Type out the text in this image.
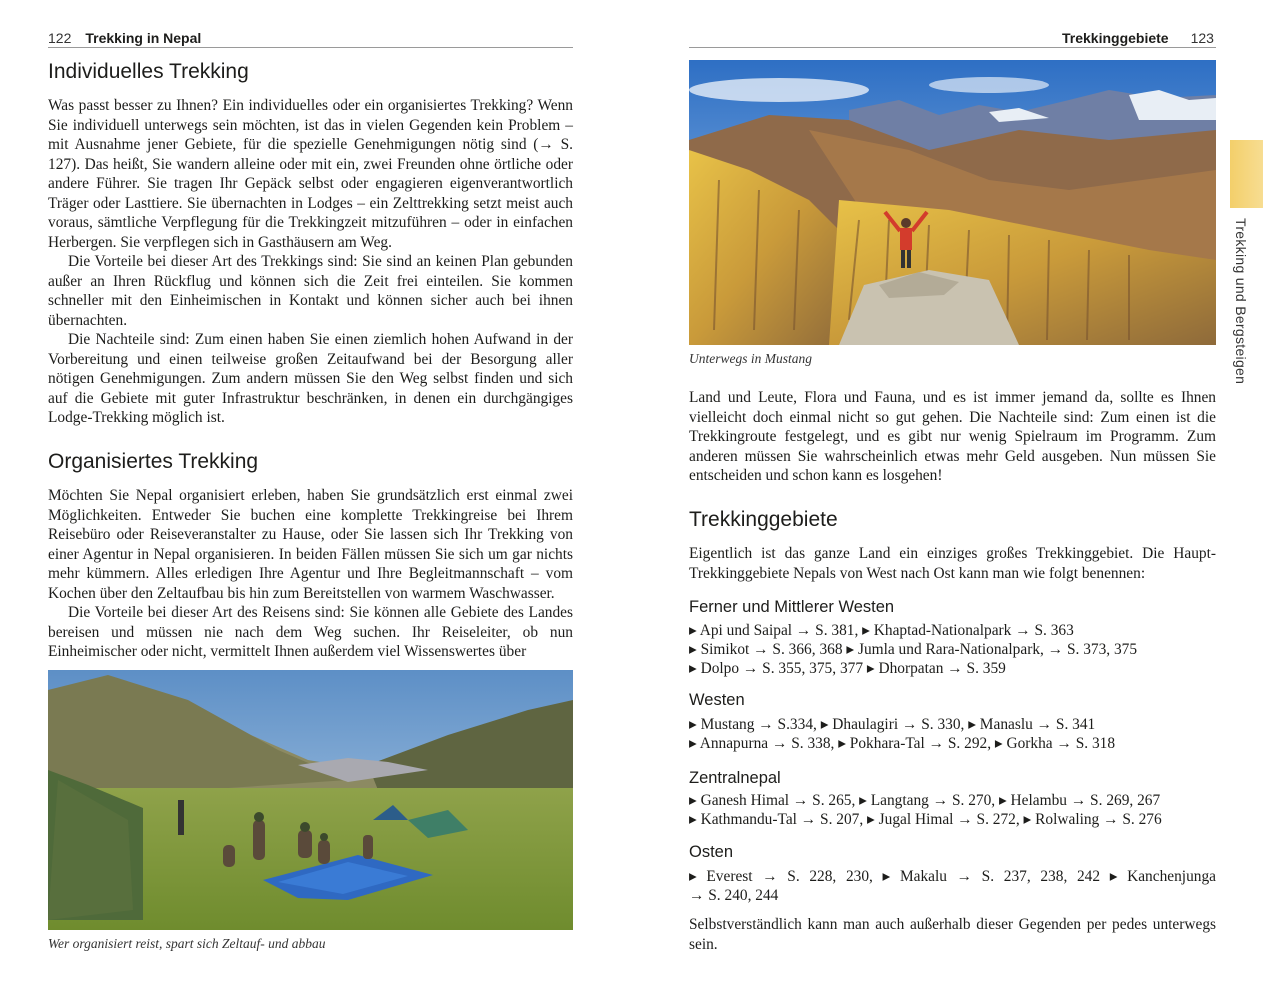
122 Trekking in Nepal
Individuelles Trekking

Was passt besser zu Ihnen? Ein individuelles oder ein organisiertes Trekking? Wenn Sie individuell unterwegs sein möchten, ist das in vielen Gegenden kein Problem – mit Ausnahme jener Gebiete, für die spezielle Genehmigungen nötig sind (→ S. 127). Das heißt, Sie wandern alleine oder mit ein, zwei Freunden ohne örtliche oder andere Führer. Sie tragen Ihr Gepäck selbst oder engagieren eigenverantwortlich Träger oder Lasttiere. Sie übernachten in Lodges – ein Zelttrekking setzt meist auch voraus, sämtliche Verpflegung für die Trekkingzeit mitzuführen – oder in einfachen Herbergen. Sie verpflegen sich in Gasthäusern am Weg.

Die Vorteile bei dieser Art des Trekkings sind: Sie sind an keinen Plan gebunden außer an Ihren Rückflug und können sich die Zeit frei einteilen. Sie kommen schneller mit den Einheimischen in Kontakt und können sicher auch bei ihnen übernachten.

Die Nachteile sind: Zum einen haben Sie einen ziemlich hohen Aufwand in der Vorbereitung und einen teilweise großen Zeitaufwand bei der Besorgung aller nötigen Genehmigungen. Zum andern müssen Sie den Weg selbst finden und sich auf die Gebiete mit guter Infrastruktur beschränken, in denen ein durchgängiges Lodge-Trekking möglich ist.

Organisiertes Trekking

Möchten Sie Nepal organisiert erleben, haben Sie grundsätzlich erst einmal zwei Möglichkeiten. Entweder Sie buchen eine komplette Trekkingreise bei Ihrem Reisebüro oder Reiseveranstalter zu Hause, oder Sie lassen sich Ihr Trekking von einer Agentur in Nepal organisieren. In beiden Fällen müssen Sie sich um gar nichts mehr kümmern. Alles erledigen Ihre Agentur und Ihre Begleitmannschaft – vom Kochen über den Zeltaufbau bis hin zum Bereitstellen von warmem Waschwasser.

Die Vorteile bei dieser Art des Reisens sind: Sie können alle Gebiete des Landes bereisen und müssen nie nach dem Weg suchen. Ihr Reiseleiter, ob nun Einheimischer oder nicht, vermittelt Ihnen außerdem viel Wissenswertes über

Wer organisiert reist, spart sich Zeltauf- und abbau
Trekkinggebiete 123
Unterwegs in Mustang

Land und Leute, Flora und Fauna, und es ist immer jemand da, sollte es Ihnen vielleicht doch einmal nicht so gut gehen. Die Nachteile sind: Zum einen ist die Trekkingroute festgelegt, und es gibt nur wenig Spielraum im Programm. Zum anderen müssen Sie wahrscheinlich etwas mehr Geld ausgeben. Nun müssen Sie entscheiden und schon kann es losgehen!

Trekkinggebiete

Eigentlich ist das ganze Land ein einziges großes Trekkinggebiet. Die Haupt-Trekkinggebiete Nepals von West nach Ost kann man wie folgt benennen:

Ferner und Mittlerer Westen
▸ Api und Saipal → S. 381, ▸ Khaptad-Nationalpark → S. 363
▸ Simikot → S. 366, 368 ▸ Jumla und Rara-Nationalpark, → S. 373, 375
▸ Dolpo → S. 355, 375, 377 ▸ Dhorpatan → S. 359
Westen
▸ Mustang → S.334, ▸ Dhaulagiri → S. 330, ▸ Manaslu → S. 341
▸ Annapurna → S. 338, ▸ Pokhara-Tal → S. 292, ▸ Gorkha → S. 318
Zentralnepal
▸ Ganesh Himal → S. 265, ▸ Langtang → S. 270, ▸ Helambu → S. 269, 267
▸ Kathmandu-Tal → S. 207, ▸ Jugal Himal → S. 272, ▸ Rolwaling → S. 276
Osten
▸ Everest → S. 228, 230, ▸ Makalu → S. 237, 238, 242 ▸ Kanchenjunga
→ S. 240, 244

Selbstverständlich kann man auch außerhalb dieser Gegenden per pedes unterwegs sein.

Trekking und Bergsteigen
